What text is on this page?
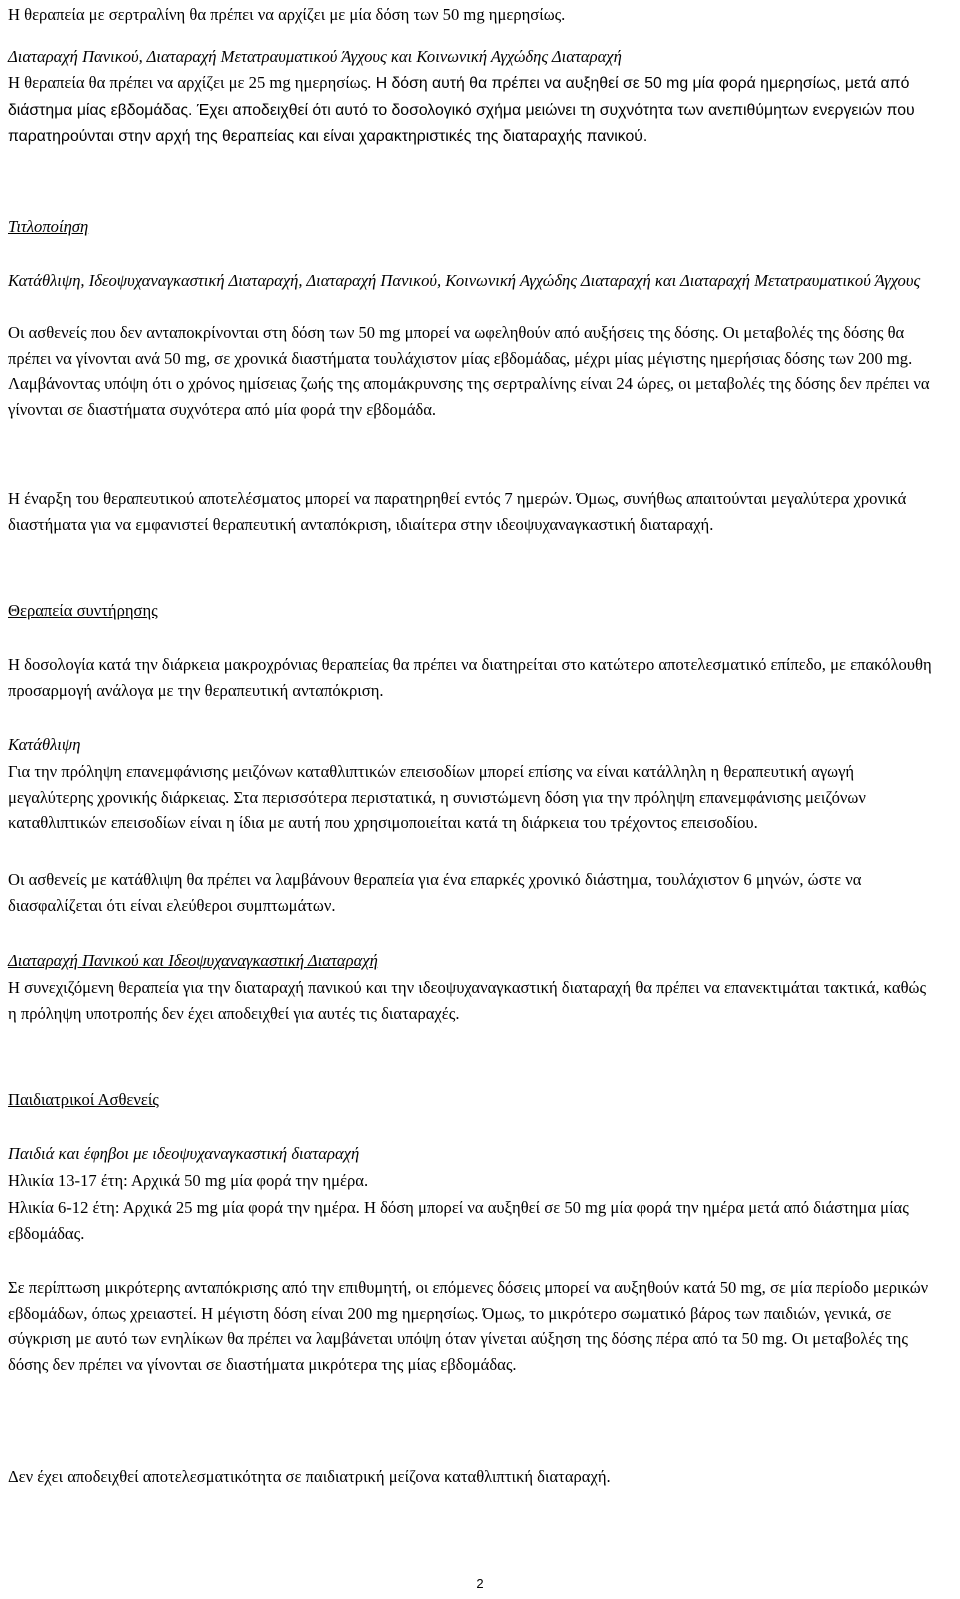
Η θεραπεία με σερτραλίνη θα πρέπει να αρχίζει με μία δόση των 50 mg ημερησίως.

Διαταραχή Πανικού, Διαταραχή Μετατραυματικού Άγχους και Κοινωνική Αγχώδης Διαταραχή

Η θεραπεία θα πρέπει να αρχίζει με 25 mg ημερησίως. Η δόση αυτή θα πρέπει να αυξηθεί σε 50 mg μία φορά ημερησίως, μετά από διάστημα μίας εβδομάδας. Έχει αποδειχθεί ότι αυτό το δοσολογικό σχήμα μειώνει τη συχνότητα των ανεπιθύμητων ενεργειών που παρατηρούνται στην αρχή της θεραπείας και είναι χαρακτηριστικές της διαταραχής πανικού.

Τιτλοποίηση

Κατάθλιψη, Ιδεοψυχαναγκαστική Διαταραχή, Διαταραχή Πανικού, Κοινωνική Αγχώδης Διαταραχή και Διαταραχή Μετατραυματικού Άγχους

Οι ασθενείς που δεν ανταποκρίνονται στη δόση των 50 mg μπορεί να ωφεληθούν από αυξήσεις της δόσης. Οι μεταβολές της δόσης θα πρέπει να γίνονται ανά 50 mg, σε χρονικά διαστήματα τουλάχιστον μίας εβδομάδας, μέχρι μίας μέγιστης ημερήσιας δόσης των 200 mg. Λαμβάνοντας υπόψη ότι ο χρόνος ημίσειας ζωής της απομάκρυνσης της σερτραλίνης είναι 24 ώρες, οι μεταβολές της δόσης δεν πρέπει να γίνονται σε διαστήματα συχνότερα από μία φορά την εβδομάδα.

Η έναρξη του θεραπευτικού αποτελέσματος μπορεί να παρατηρηθεί εντός 7 ημερών. Όμως, συνήθως απαιτούνται μεγαλύτερα χρονικά διαστήματα για να εμφανιστεί θεραπευτική ανταπόκριση, ιδιαίτερα στην ιδεοψυχαναγκαστική διαταραχή.

Θεραπεία συντήρησης

Η δοσολογία κατά την διάρκεια μακροχρόνιας θεραπείας θα πρέπει να διατηρείται στο κατώτερο αποτελεσματικό επίπεδο, με επακόλουθη προσαρμογή ανάλογα με την θεραπευτική ανταπόκριση.

Κατάθλιψη

Για την πρόληψη επανεμφάνισης μειζόνων καταθλιπτικών επεισοδίων μπορεί επίσης να είναι κατάλληλη η θεραπευτική αγωγή μεγαλύτερης χρονικής διάρκειας. Στα περισσότερα περιστατικά, η συνιστώμενη δόση για την πρόληψη επανεμφάνισης μειζόνων καταθλιπτικών επεισοδίων είναι η ίδια με αυτή που χρησιμοποιείται κατά τη διάρκεια του τρέχοντος επεισοδίου.

Οι ασθενείς με κατάθλιψη θα πρέπει να λαμβάνουν θεραπεία για ένα επαρκές χρονικό διάστημα, τουλάχιστον 6 μηνών, ώστε να διασφαλίζεται ότι είναι ελεύθεροι συμπτωμάτων.

Διαταραχή Πανικού και Ιδεοψυχαναγκαστική Διαταραχή

Η συνεχιζόμενη θεραπεία για την διαταραχή πανικού και την ιδεοψυχαναγκαστική διαταραχή θα πρέπει να επανεκτιμάται τακτικά, καθώς η πρόληψη υποτροπής δεν έχει αποδειχθεί για αυτές τις διαταραχές.

Παιδιατρικοί Ασθενείς

Παιδιά και έφηβοι με ιδεοψυχαναγκαστική διαταραχή

Ηλικία 13-17 έτη: Αρχικά 50 mg μία φορά την ημέρα.

Ηλικία 6-12 έτη: Αρχικά 25 mg μία φορά την ημέρα. Η δόση μπορεί να αυξηθεί σε 50 mg μία φορά την ημέρα μετά από διάστημα μίας εβδομάδας.

Σε περίπτωση μικρότερης ανταπόκρισης από την επιθυμητή, οι επόμενες δόσεις μπορεί να αυξηθούν κατά 50 mg, σε μία περίοδο μερικών εβδομάδων, όπως χρειαστεί. Η μέγιστη δόση είναι 200 mg ημερησίως. Όμως, το μικρότερο σωματικό βάρος των παιδιών, γενικά, σε σύγκριση με αυτό των ενηλίκων θα πρέπει να λαμβάνεται υπόψη όταν γίνεται αύξηση της δόσης πέρα από τα 50 mg. Οι μεταβολές της δόσης δεν πρέπει να γίνονται σε διαστήματα μικρότερα της μίας εβδομάδας.

Δεν έχει αποδειχθεί αποτελεσματικότητα σε παιδιατρική μείζονα καταθλιπτική διαταραχή.

2
